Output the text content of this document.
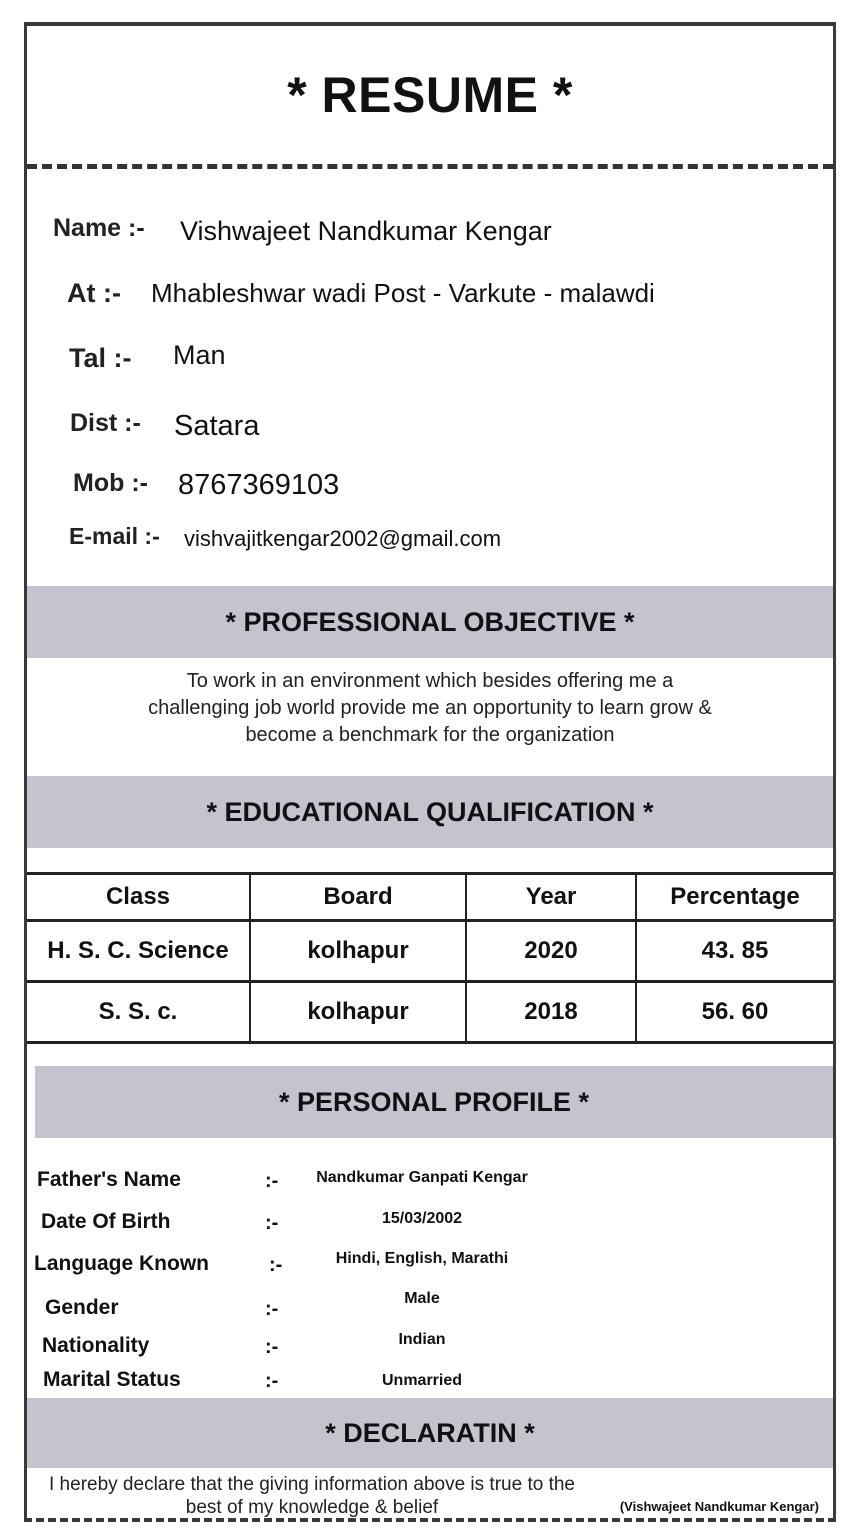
* RESUME *
Name :- Vishwajeet Nandkumar Kengar
At :- Mhableshwar wadi Post - Varkute - malawdi
Tal :- Man
Dist :- Satara
Mob :- 8767369103
E-mail :- vishvajitkengar2002@gmail.com
* PROFESSIONAL OBJECTIVE *
To work in an environment which besides offering me a
challenging job world provide me an opportunity to learn grow &
become a benchmark for the organization
* EDUCATIONAL QUALIFICATION *
Class	Board	Year	Percentage
H. S. C. Science	kolhapur	2020	43. 85
S. S. c.	kolhapur	2018	56. 60
* PERSONAL PROFILE *
Father's Name	:-	Nandkumar Ganpati Kengar
Date Of Birth	:-	15/03/2002
Language Known	:-	Hindi, English, Marathi
Gender	:-	Male
Nationality	:-	Indian
Marital Status	:-	Unmarried
* DECLARATIN *
I hereby declare that the giving information above is true to the
best of my knowledge & belief	(Vishwajeet Nandkumar Kengar)
